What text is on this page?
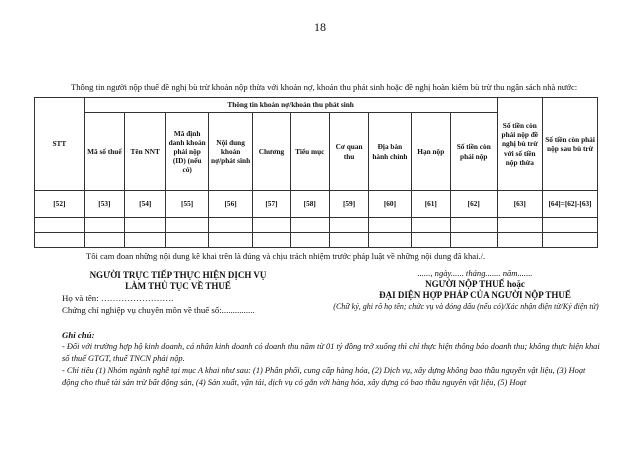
18
Thông tin người nộp thuế đề nghị bù trừ khoản nộp thừa với khoản nợ, khoản thu phát sinh hoặc đề nghị hoàn kiêm bù trừ thu ngân sách nhà nước:
STT	Thông tin khoản nợ/khoản thu phát sinh										Số tiền còn phải nộp đề nghị bù trừ với số tiền nộp thừa	Số tiền còn phải nộp sau bù trừ
	Mã số thuế	Tên NNT	Mã định danh khoản phải nộp (ID) (nếu có)	Nội dung khoản nợ/phát sinh	Chương	Tiểu mục	Cơ quan thu	Địa bàn hành chính	Hạn nộp	Số tiền còn phải nộp		
[52]	[53]	[54]	[55]	[56]	[57]	[58]	[59]	[60]	[61]	[62]	[63]	[64]=[62]-[63]

Tôi cam đoan những nội dung kê khai trên là đúng và chịu trách nhiệm trước pháp luật về những nội dung đã khai./.
NGƯỜI TRỰC TIẾP THỰC HIỆN DỊCH VỤ
LÀM THỦ TỤC VỀ THUẾ
Họ và tên: …………………….
Chứng chỉ nghiệp vụ chuyên môn về thuế số:...............
......, ngày...... tháng....... năm.......
NGƯỜI NỘP THUẾ hoặc
ĐẠI DIỆN HỢP PHÁP CỦA NGƯỜI NỘP THUẾ
(Chữ ký, ghi rõ họ tên; chức vụ và đóng dấu (nếu có)/Xác nhận điện tử/Ký điện tử)
Ghi chú:
- Đối với trường hợp hộ kinh doanh, cá nhân kinh doanh có doanh thu năm từ 01 tỷ đồng trở xuống thì chỉ thực hiện thông báo doanh thu; không thực hiện khai số thuế GTGT, thuế TNCN phải nộp.
- Chỉ tiêu (1) Nhóm ngành nghề tại mục A khai như sau: (1) Phân phối, cung cấp hàng hóa, (2) Dịch vụ, xây dựng không bao thầu nguyên vật liệu, (3) Hoạt động cho thuê tài sản trừ bất động sản, (4) Sản xuất, vận tải, dịch vụ có gắn với hàng hóa, xây dựng có bao thầu nguyên vật liệu, (5) Hoạt
